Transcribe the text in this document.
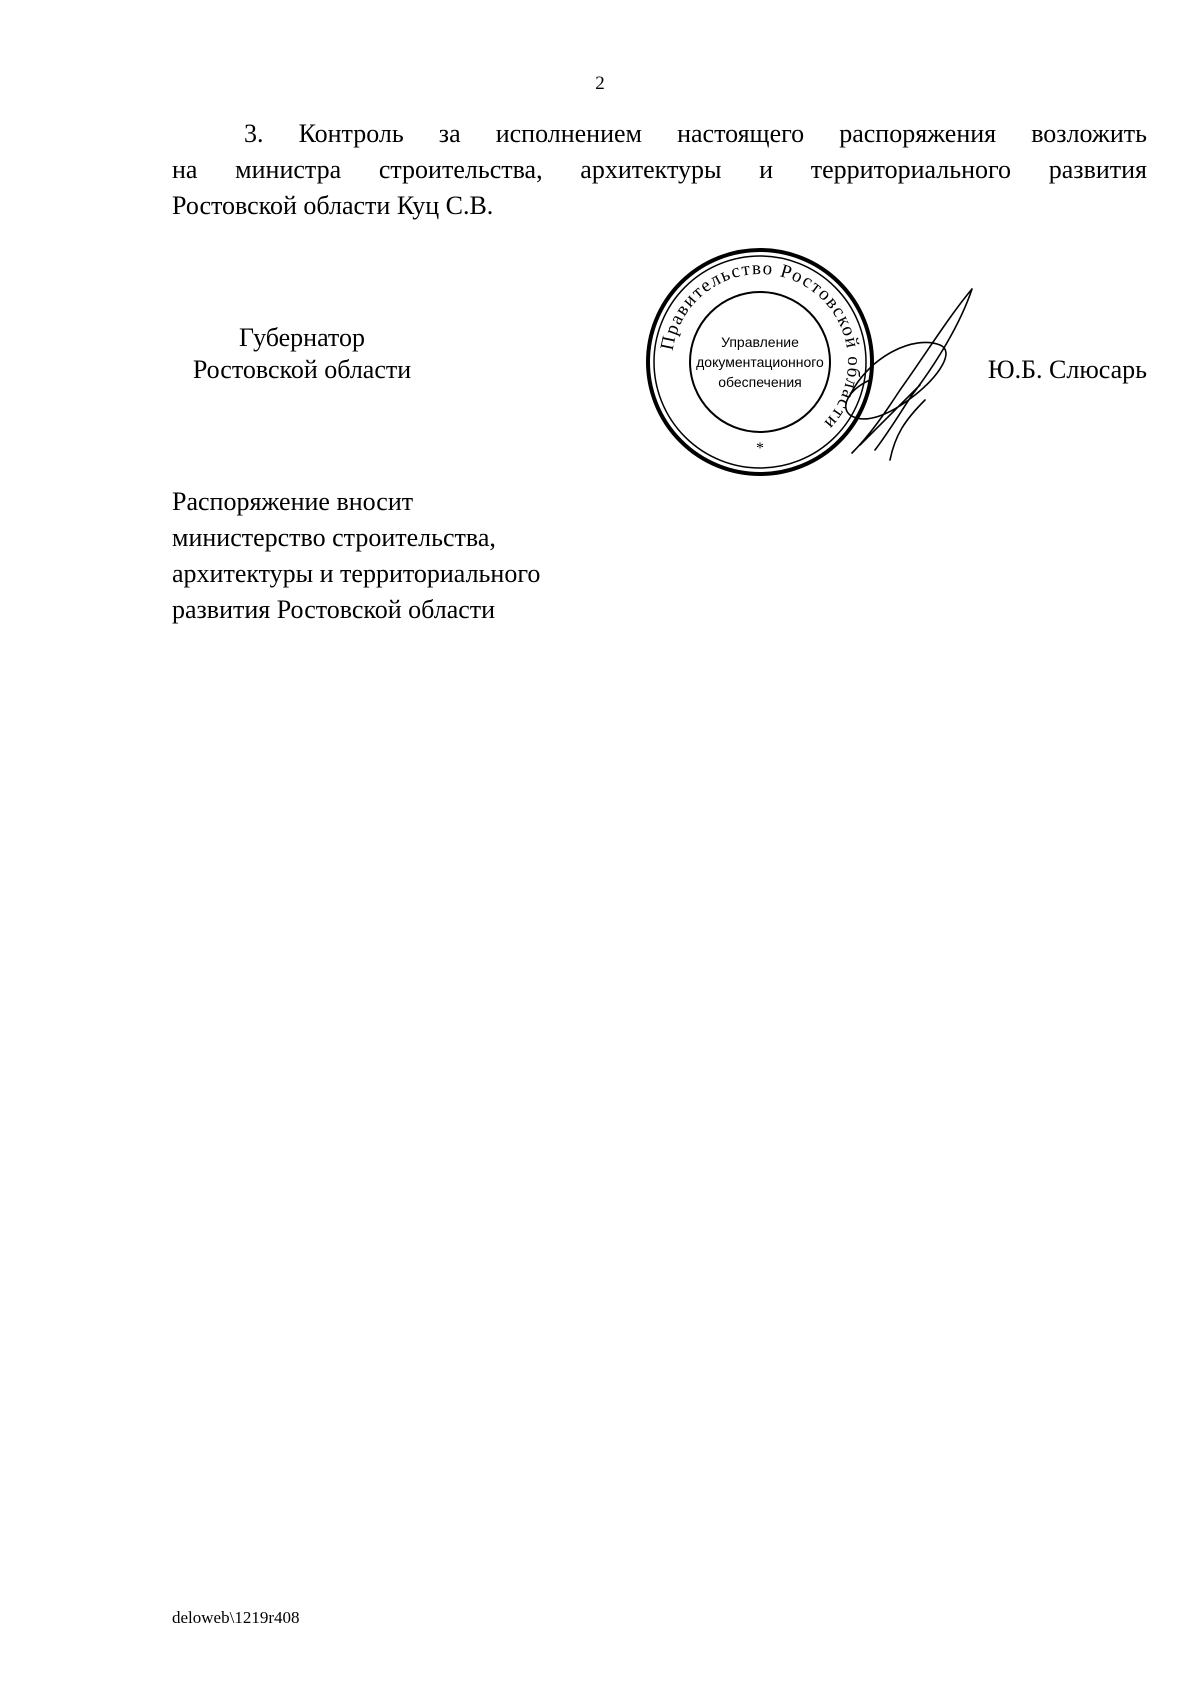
2
3. Контроль за исполнением настоящего распоряжения возложить
на министра строительства, архитектуры и территориального развития
Ростовской области Куц С.В.
Губернатор
Ростовской области
Правительство Ростовской области
Управление
документационного
обеспечения
*
Ю.Б. Слюсарь
Распоряжение вносит
министерство строительства,
архитектуры и территориального
развития Ростовской области
deloweb\1219r408
